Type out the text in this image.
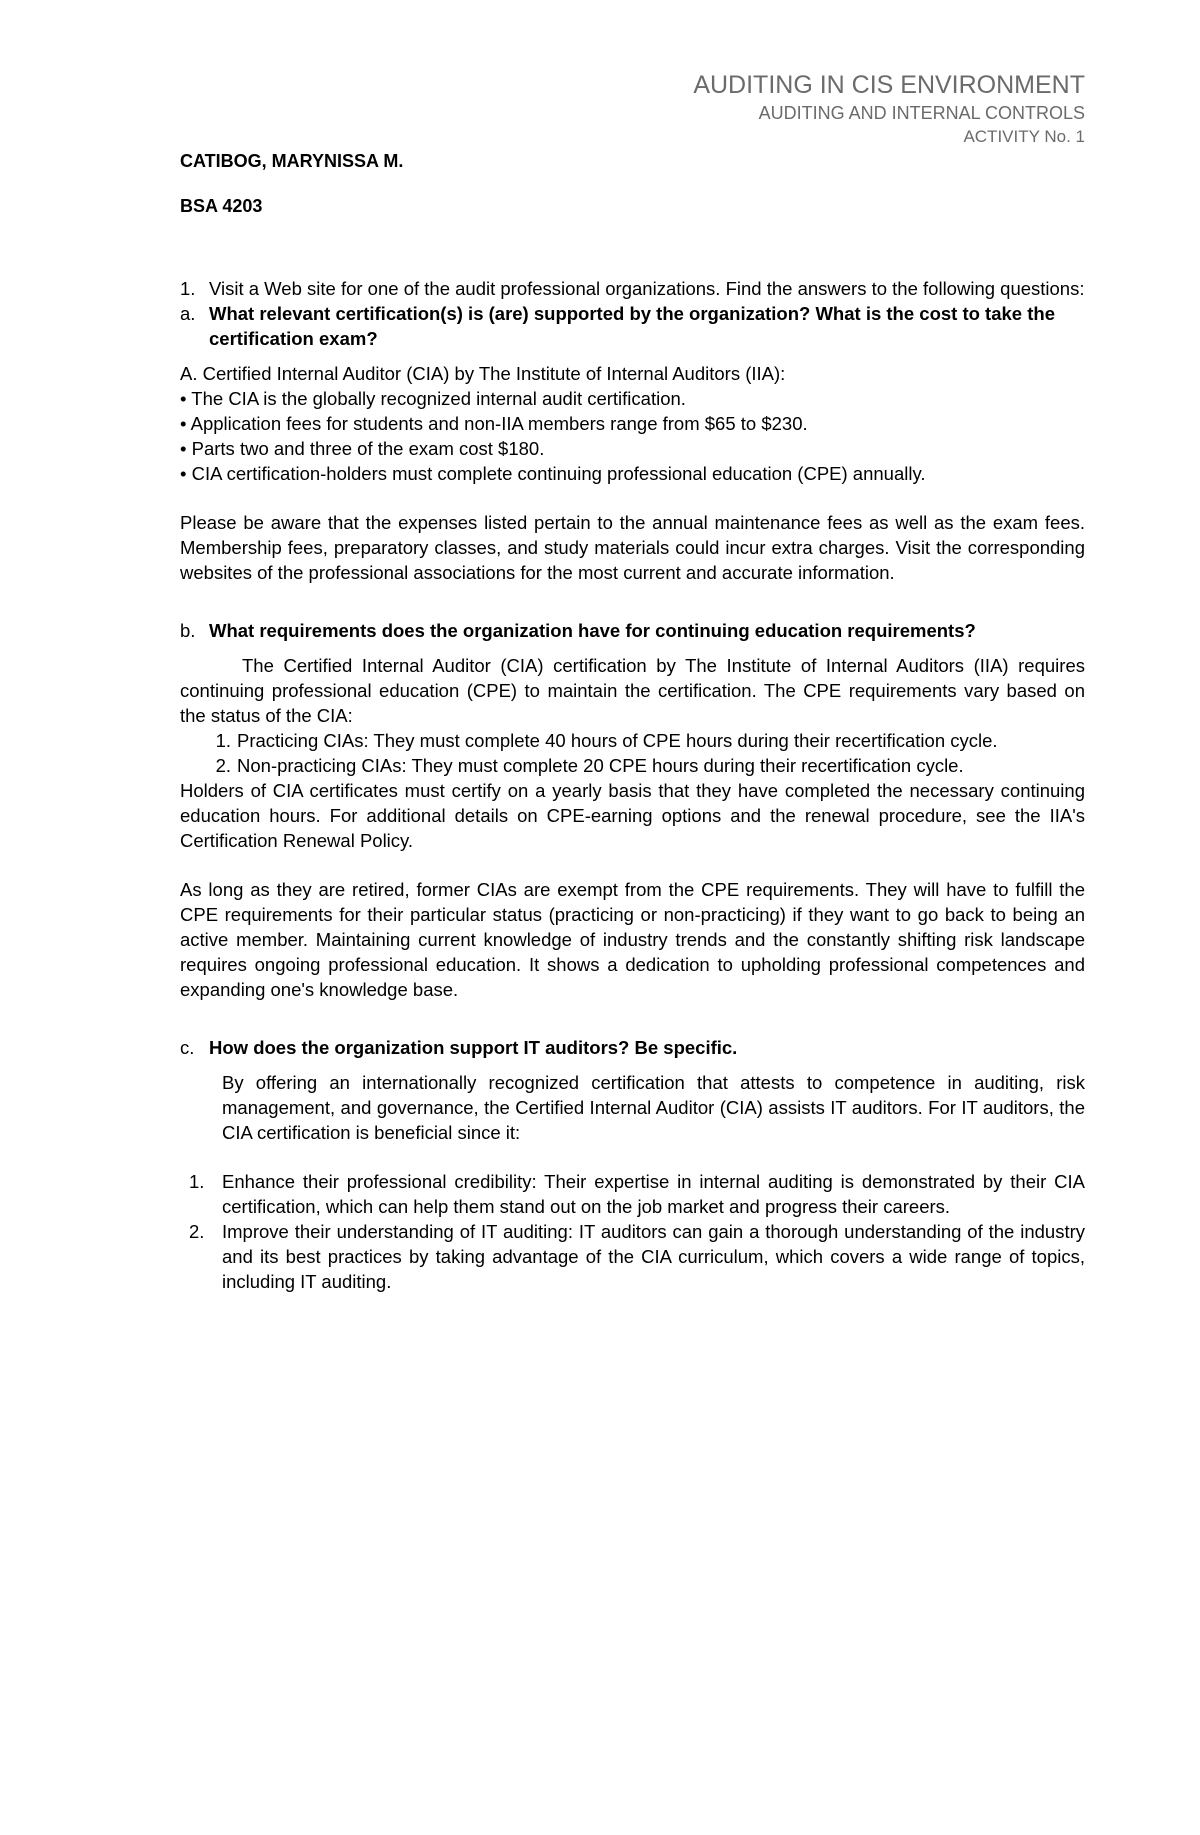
AUDITING IN CIS ENVIRONMENT
AUDITING AND INTERNAL CONTROLS
ACTIVITY No. 1
CATIBOG, MARYNISSA M.
BSA 4203
1. Visit a Web site for one of the audit professional organizations. Find the answers to the following questions:
a. What relevant certification(s) is (are) supported by the organization? What is the cost to take the certification exam?
A. Certified Internal Auditor (CIA) by The Institute of Internal Auditors (IIA):
• The CIA is the globally recognized internal audit certification.
• Application fees for students and non-IIA members range from $65 to $230.
• Parts two and three of the exam cost $180.
• CIA certification-holders must complete continuing professional education (CPE) annually.

Please be aware that the expenses listed pertain to the annual maintenance fees as well as the exam fees. Membership fees, preparatory classes, and study materials could incur extra charges. Visit the corresponding websites of the professional associations for the most current and accurate information.

b. What requirements does the organization have for continuing education requirements?

The Certified Internal Auditor (CIA) certification by The Institute of Internal Auditors (IIA) requires continuing professional education (CPE) to maintain the certification. The CPE requirements vary based on the status of the CIA:

1. Practicing CIAs: They must complete 40 hours of CPE hours during their recertification cycle.
2. Non-practicing CIAs: They must complete 20 CPE hours during their recertification cycle.

Holders of CIA certificates must certify on a yearly basis that they have completed the necessary continuing education hours. For additional details on CPE-earning options and the renewal procedure, see the IIA's Certification Renewal Policy.

As long as they are retired, former CIAs are exempt from the CPE requirements. They will have to fulfill the CPE requirements for their particular status (practicing or non-practicing) if they want to go back to being an active member. Maintaining current knowledge of industry trends and the constantly shifting risk landscape requires ongoing professional education. It shows a dedication to upholding professional competences and expanding one's knowledge base.

c. How does the organization support IT auditors? Be specific.

By offering an internationally recognized certification that attests to competence in auditing, risk management, and governance, the Certified Internal Auditor (CIA) assists IT auditors. For IT auditors, the CIA certification is beneficial since it:

1. Enhance their professional credibility: Their expertise in internal auditing is demonstrated by their CIA certification, which can help them stand out on the job market and progress their careers.
2. Improve their understanding of IT auditing: IT auditors can gain a thorough understanding of the industry and its best practices by taking advantage of the CIA curriculum, which covers a wide range of topics, including IT auditing.
